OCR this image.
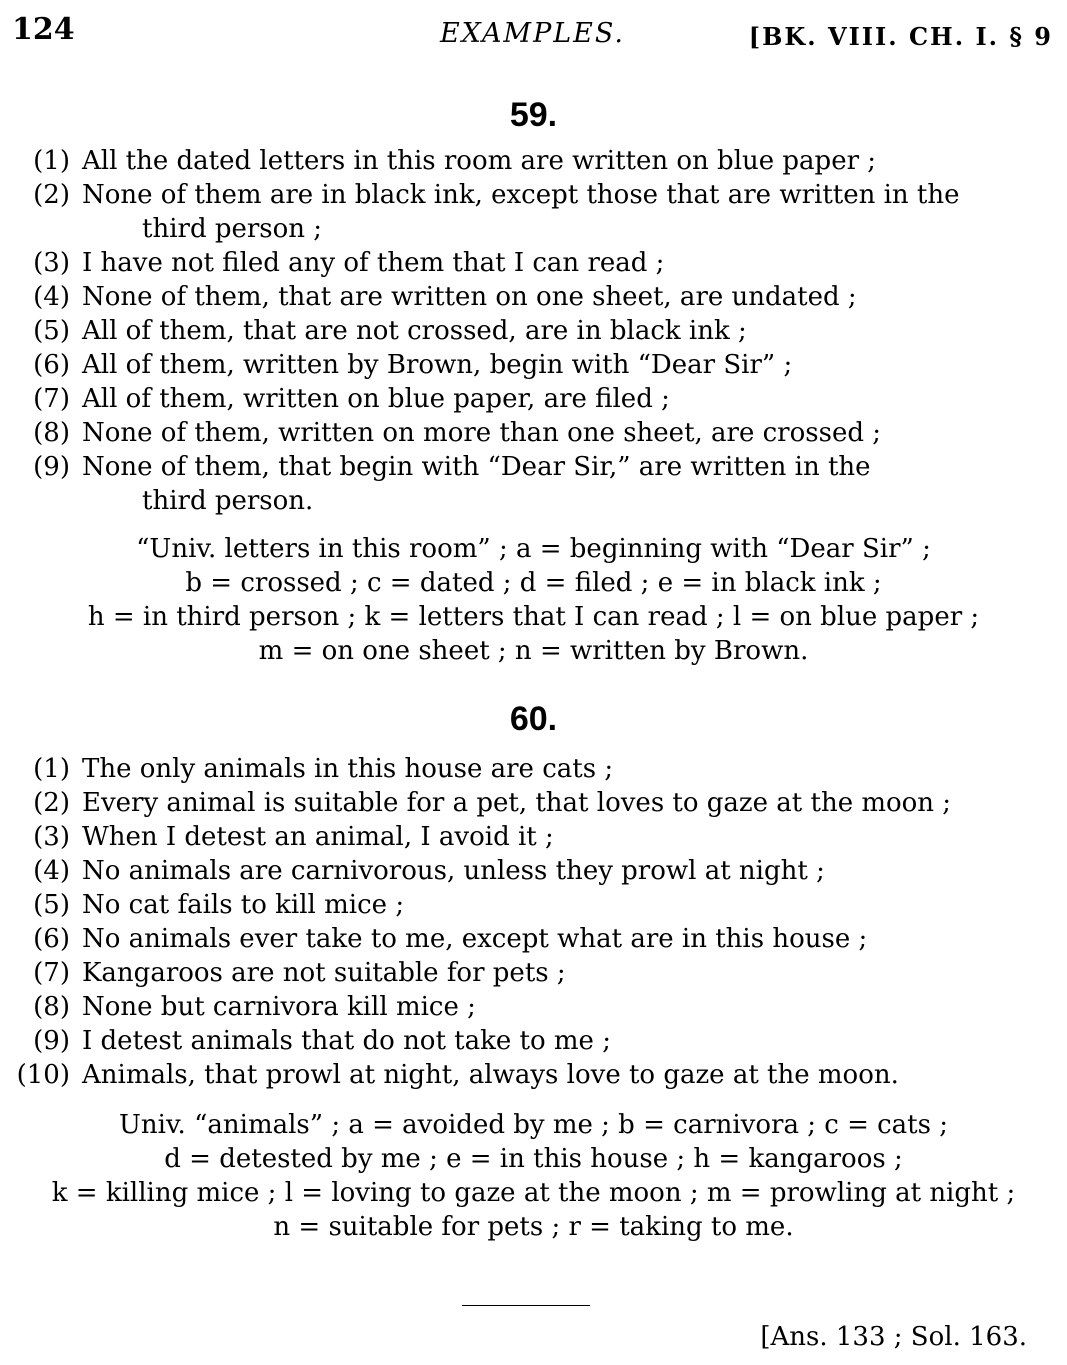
124	EXAMPLES.	[BK. VIII. CH. I. § 9
59.
(1) All the dated letters in this room are written on blue paper ;
(2) None of them are in black ink, except those that are written in the
third person ;
(3) I have not filed any of them that I can read ;
(4) None of them, that are written on one sheet, are undated ;
(5) All of them, that are not crossed, are in black ink ;
(6) All of them, written by Brown, begin with “Dear Sir” ;
(7) All of them, written on blue paper, are filed ;
(8) None of them, written on more than one sheet, are crossed ;
(9) None of them, that begin with “Dear Sir,” are written in the
third person.
“Univ. letters in this room” ; a = beginning with “Dear Sir” ;
b = crossed ; c = dated ; d = filed ; e = in black ink ;
h = in third person ; k = letters that I can read ; l = on blue paper ;
m = on one sheet ; n = written by Brown.
60.
(1) The only animals in this house are cats ;
(2) Every animal is suitable for a pet, that loves to gaze at the moon ;
(3) When I detest an animal, I avoid it ;
(4) No animals are carnivorous, unless they prowl at night ;
(5) No cat fails to kill mice ;
(6) No animals ever take to me, except what are in this house ;
(7) Kangaroos are not suitable for pets ;
(8) None but carnivora kill mice ;
(9) I detest animals that do not take to me ;
(10) Animals, that prowl at night, always love to gaze at the moon.
Univ. “animals” ; a = avoided by me ; b = carnivora ; c = cats ;
d = detested by me ; e = in this house ; h = kangaroos ;
k = killing mice ; l = loving to gaze at the moon ; m = prowling at night ;
n = suitable for pets ; r = taking to me.
[Ans. 133 ; Sol. 163.
